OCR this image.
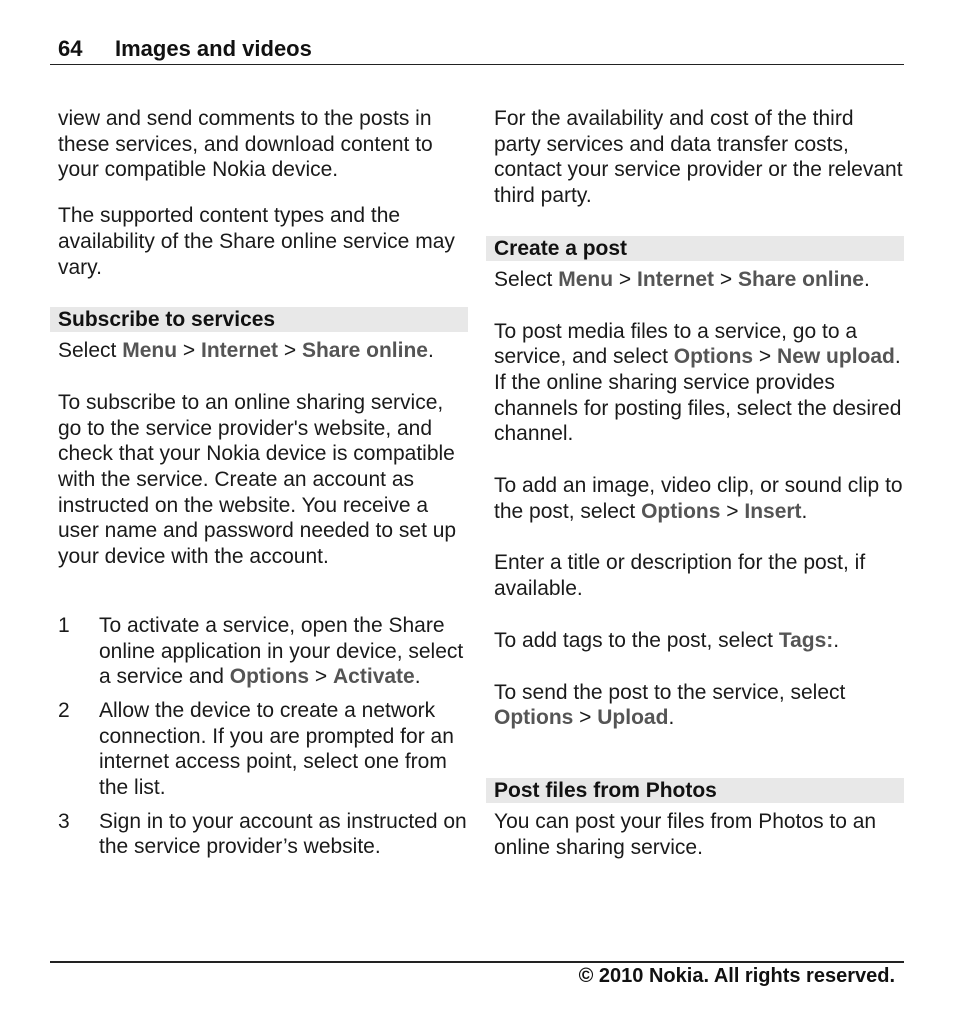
64 Images and videos

view and send comments to the posts in these services, and download content to your compatible Nokia device.

The supported content types and the availability of the Share online service may vary.

Subscribe to services

Select Menu > Internet > Share online.

To subscribe to an online sharing service, go to the service provider's website, and check that your Nokia device is compatible with the service. Create an account as instructed on the website. You receive a user name and password needed to set up your device with the account.

1 To activate a service, open the Share online application in your device, select a service and Options > Activate.
2 Allow the device to create a network connection. If you are prompted for an internet access point, select one from the list.
3 Sign in to your account as instructed on the service provider’s website.

For the availability and cost of the third party services and data transfer costs, contact your service provider or the relevant third party.

Create a post

Select Menu > Internet > Share online.

To post media files to a service, go to a service, and select Options > New upload. If the online sharing service provides channels for posting files, select the desired channel.

To add an image, video clip, or sound clip to the post, select Options > Insert.

Enter a title or description for the post, if available.

To add tags to the post, select Tags:.

To send the post to the service, select
Options > Upload.

Post files from Photos

You can post your files from Photos to an online sharing service.

© 2010 Nokia. All rights reserved.
